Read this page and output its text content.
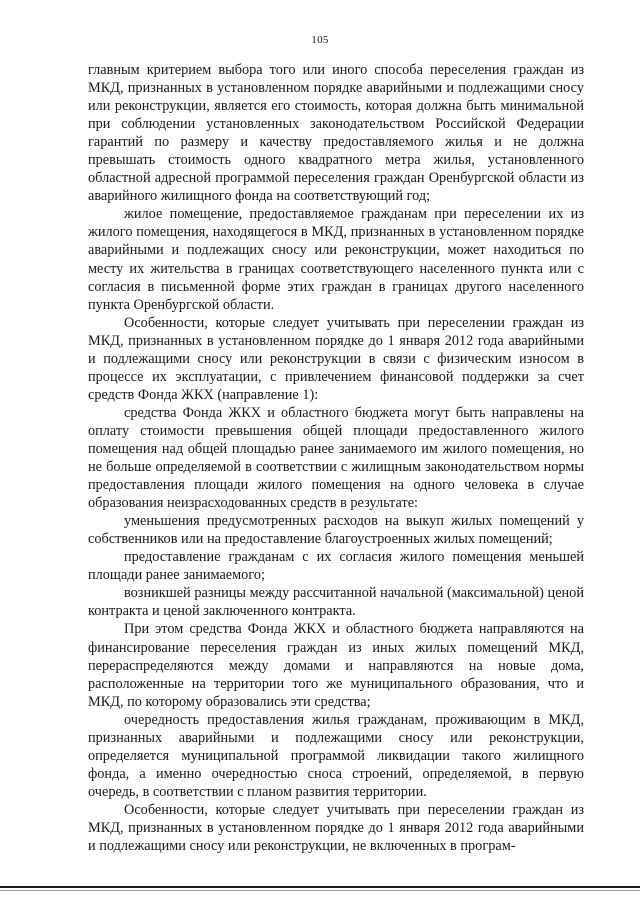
105

главным критерием выбора того или иного способа переселения граждан из МКД, признанных в установленном порядке аварийными и подлежащими сносу или реконструкции, является его стоимость, которая должна быть минимальной при соблюдении установленных законодательством Российской Федерации гарантий по размеру и качеству предоставляемого жилья и не должна превышать стоимость одного квадратного метра жилья, установленного областной адресной программой переселения граждан Оренбургской области из аварийного жилищного фонда на соответствующий год;

жилое помещение, предоставляемое гражданам при переселении их из жилого помещения, находящегося в МКД, признанных в установленном порядке аварийными и подлежащих сносу или реконструкции, может находиться по месту их жительства в границах соответствующего населенного пункта или с согласия в письменной форме этих граждан в границах другого населенного пункта Оренбургской области.

Особенности, которые следует учитывать при переселении граждан из МКД, признанных в установленном порядке до 1 января 2012 года аварийными и подлежащими сносу или реконструкции в связи с физическим износом в процессе их эксплуатации, с привлечением финансовой поддержки за счет средств Фонда ЖКХ (направление 1):

средства Фонда ЖКХ и областного бюджета могут быть направлены на оплату стоимости превышения общей площади предоставленного жилого помещения над общей площадью ранее занимаемого им жилого помещения, но не больше определяемой в соответствии с жилищным законодательством нормы предоставления площади жилого помещения на одного человека в случае образования неизрасходованных средств в результате:

уменьшения предусмотренных расходов на выкуп жилых помещений у собственников или на предоставление благоустроенных жилых помещений;

предоставление гражданам с их согласия жилого помещения меньшей площади ранее занимаемого;

возникшей разницы между рассчитанной начальной (максимальной) ценой контракта и ценой заключенного контракта.

При этом средства Фонда ЖКХ и областного бюджета направляются на финансирование переселения граждан из иных жилых помещений МКД, перераспределяются между домами и направляются на новые дома, расположенные на территории того же муниципального образования, что и МКД, по которому образовались эти средства;

очередность предоставления жилья гражданам, проживающим в МКД, признанных аварийными и подлежащими сносу или реконструкции, определяется муниципальной программой ликвидации такого жилищного фонда, а именно очередностью сноса строений, определяемой, в первую очередь, в соответствии с планом развития территории.

Особенности, которые следует учитывать при переселении граждан из МКД, признанных в установленном порядке до 1 января 2012 года аварийными и подлежащими сносу или реконструкции, не включенных в програм-
